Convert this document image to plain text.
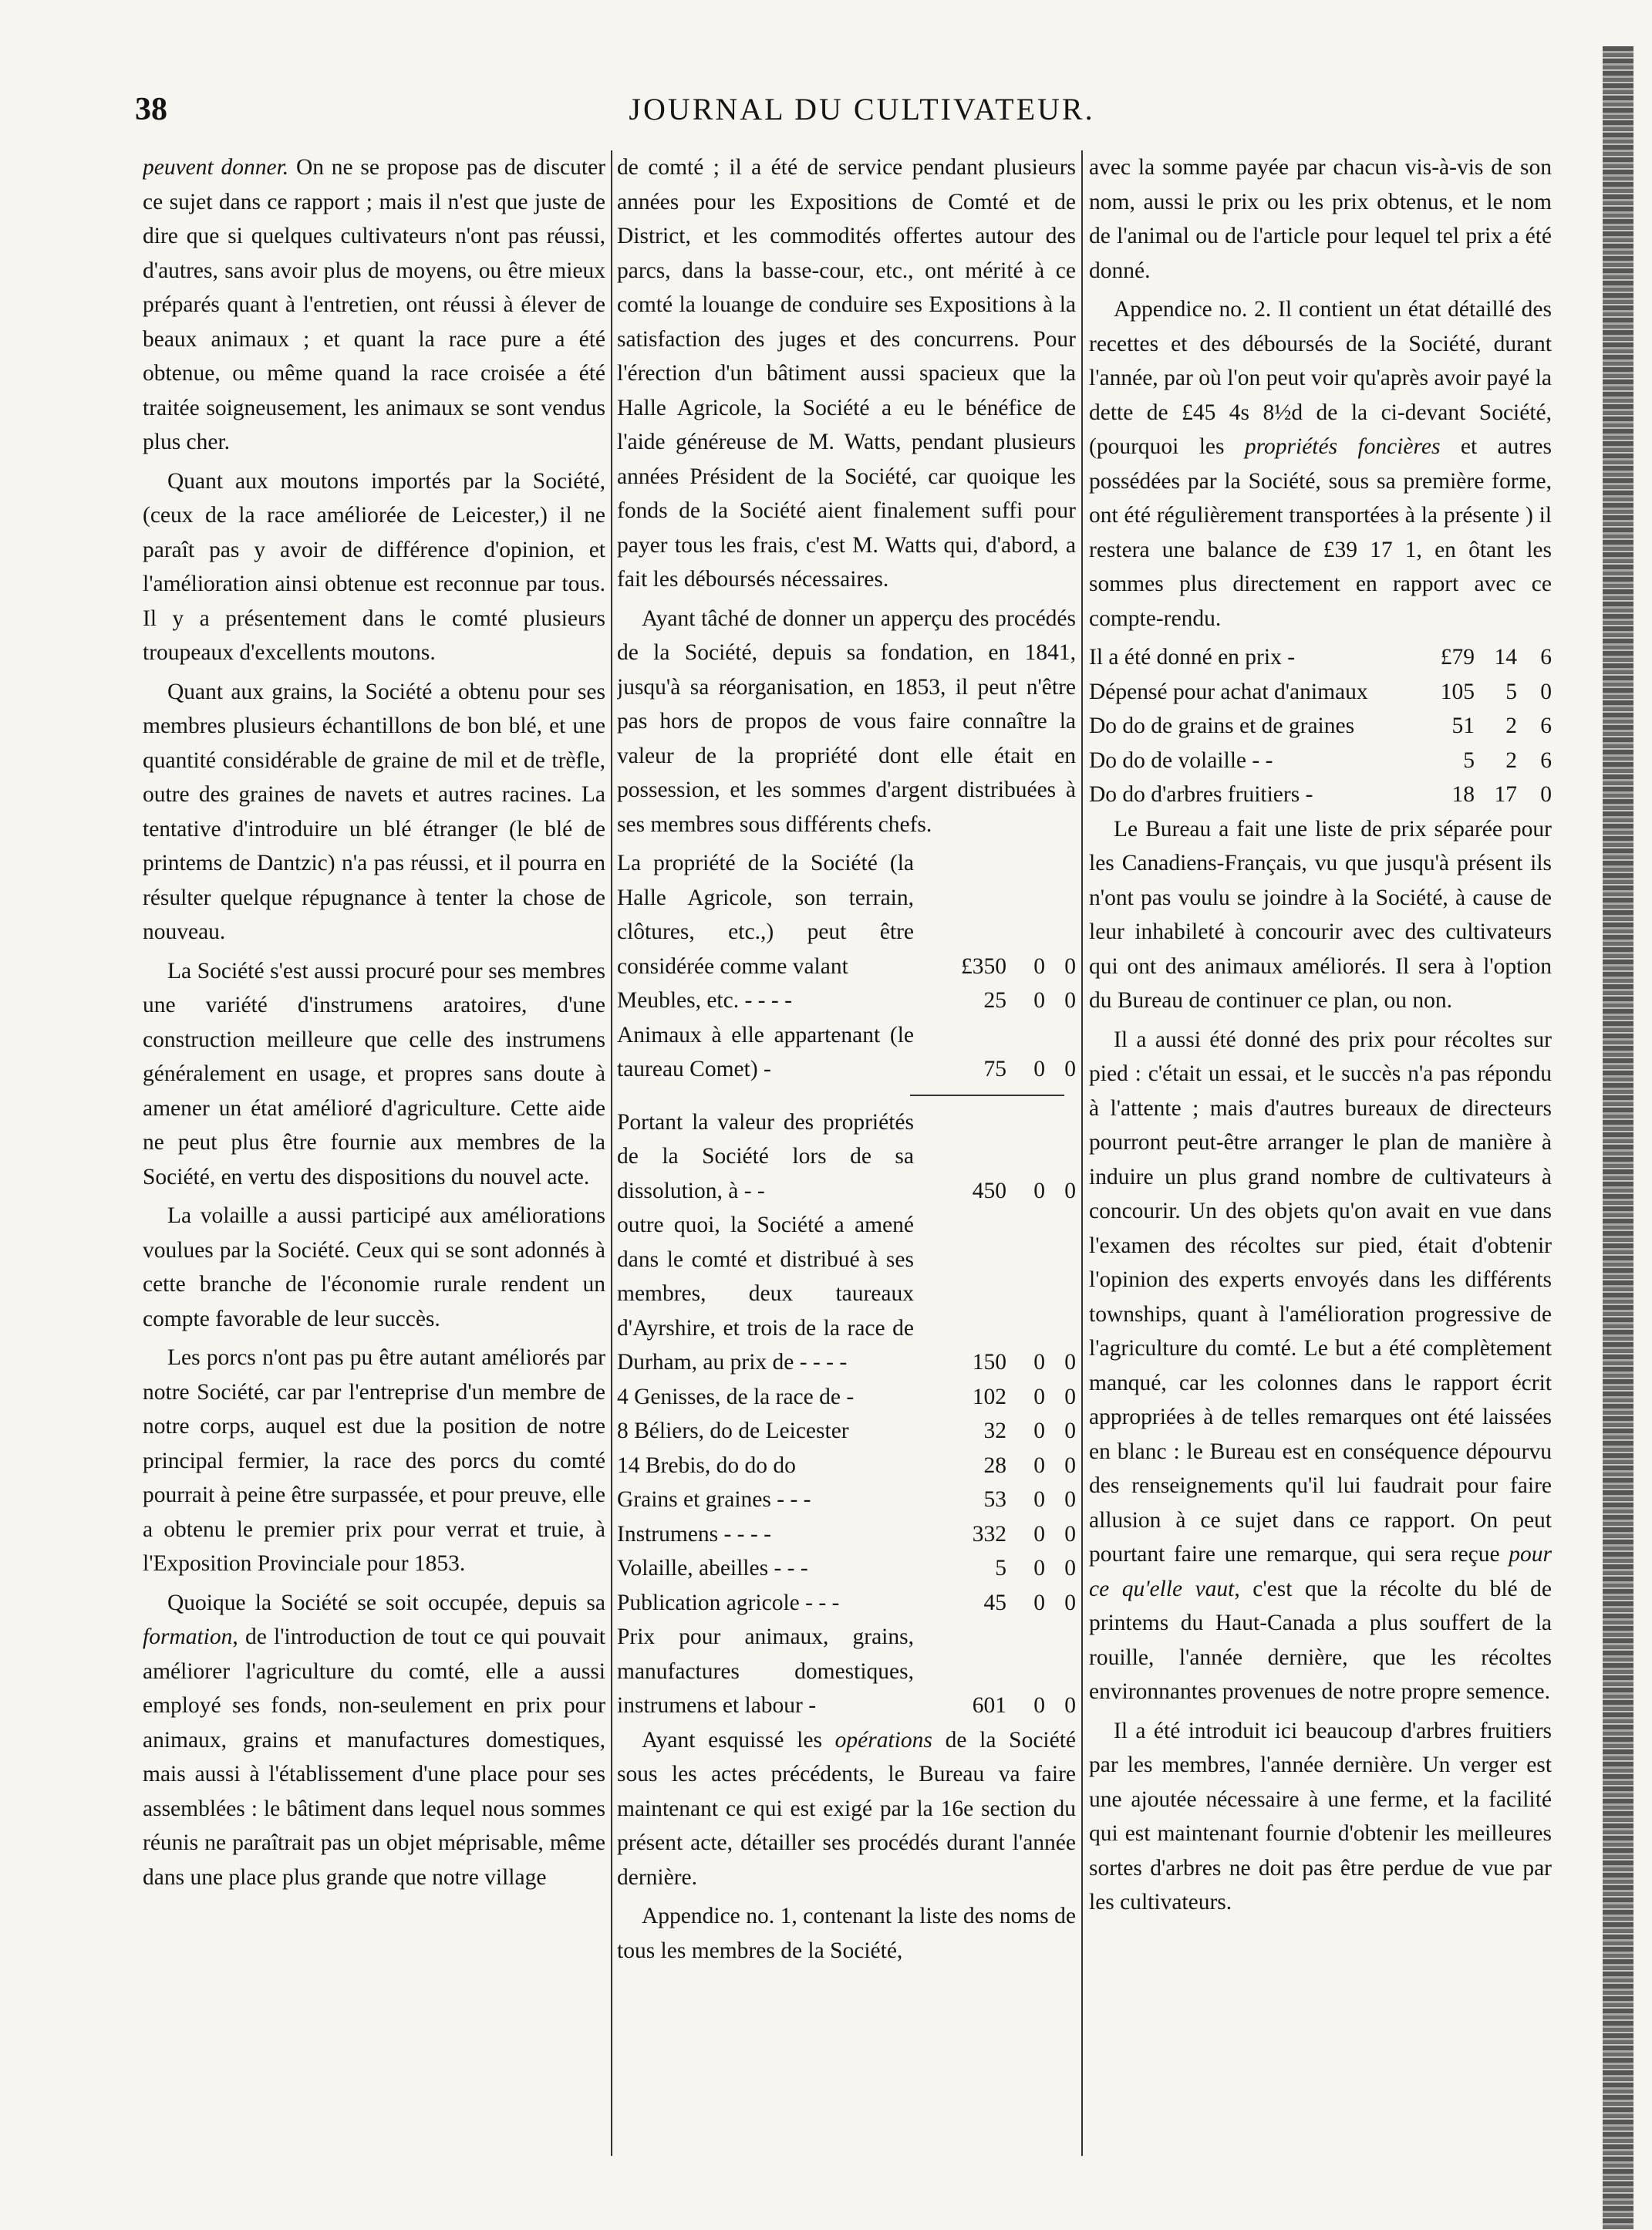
38	JOURNAL DU CULTIVATEUR.

peuvent donner. On ne se propose pas de discuter ce sujet dans ce rapport ; mais il n'est que juste de dire que si quelques cultivateurs n'ont pas réussi, d'autres, sans avoir plus de moyens, ou être mieux préparés quant à l'entretien, ont réussi à élever de beaux animaux ; et quant la race pure a été obtenue, ou même quand la race croisée a été traitée soigneusement, les animaux se sont vendus plus cher.

Quant aux moutons importés par la Société, (ceux de la race améliorée de Leicester,) il ne paraît pas y avoir de différence d'opinion, et l'amélioration ainsi obtenue est reconnue par tous. Il y a présentement dans le comté plusieurs troupeaux d'excellents moutons.

Quant aux grains, la Société a obtenu pour ses membres plusieurs échantillons de bon blé, et une quantité considérable de graine de mil et de trèfle, outre des graines de navets et autres racines. La tentative d'introduire un blé étranger (le blé de printems de Dantzic) n'a pas réussi, et il pourra en résulter quelque répugnance à tenter la chose de nouveau.

La Société s'est aussi procuré pour ses membres une variété d'instrumens aratoires, d'une construction meilleure que celle des instrumens généralement en usage, et propres sans doute à amener un état amélioré d'agriculture. Cette aide ne peut plus être fournie aux membres de la Société, en vertu des dispositions du nouvel acte.

La volaille a aussi participé aux améliorations voulues par la Société. Ceux qui se sont adonnés à cette branche de l'économie rurale rendent un compte favorable de leur succès.

Les porcs n'ont pas pu être autant améliorés par notre Société, car par l'entreprise d'un membre de notre corps, auquel est due la position de notre principal fermier, la race des porcs du comté pourrait à peine être surpassée, et pour preuve, elle a obtenu le premier prix pour verrat et truie, à l'Exposition Provinciale pour 1853.

Quoique la Société se soit occupée, depuis sa formation, de l'introduction de tout ce qui pouvait améliorer l'agriculture du comté, elle a aussi employé ses fonds, non-seulement en prix pour animaux, grains et manufactures domestiques, mais aussi à l'établissement d'une place pour ses assemblées : le bâtiment dans lequel nous sommes réunis ne paraîtrait pas un objet méprisable, même dans une place plus grande que notre village

de comté ; il a été de service pendant plusieurs années pour les Expositions de Comté et de District, et les commodités offertes autour des parcs, dans la basse-cour, etc., ont mérité à ce comté la louange de conduire ses Expositions à la satisfaction des juges et des concurrens. Pour l'érection d'un bâtiment aussi spacieux que la Halle Agricole, la Société a eu le bénéfice de l'aide généreuse de M. Watts, pendant plusieurs années Président de la Société, car quoique les fonds de la Société aient finalement suffi pour payer tous les frais, c'est M. Watts qui, d'abord, a fait les déboursés nécessaires.

Ayant tâché de donner un apperçu des procédés de la Société, depuis sa fondation, en 1841, jusqu'à sa réorganisation, en 1853, il peut n'être pas hors de propos de vous faire connaître la valeur de la propriété dont elle était en possession, et les sommes d'argent distribuées à ses membres sous différents chefs.

La propriété de la Société (la Halle Agricole, son terrain, clôtures, etc.,) peut être considérée comme valant	£350	0 0
Meubles, etc. - - - -	25	0 0
Animaux à elle appartenant (le taureau Comet) -	75	0 0
Portant la valeur des propriétés de la Société lors de sa dissolution, à - -	450	0 0
outre quoi, la Société a amené dans le comté et distribué à ses membres, deux taureaux d'Ayrshire, et trois de la race de Durham, au prix de - - - -	150	0 0
4 Genisses, de la race de -	102	0 0
8 Béliers, do de Leicester	32	0 0
14 Brebis, do do do	28	0 0
Grains et graines - - -	53	0 0
Instrumens - - - -	332	0 0
Volaille, abeilles - - -	5	0 0
Publication agricole - - -	45	0 0
Prix pour animaux, grains, manufactures domestiques, instrumens et labour -	601	0 0

Ayant esquissé les opérations de la Société sous les actes précédents, le Bureau va faire maintenant ce qui est exigé par la 16e section du présent acte, détailler ses procédés durant l'année dernière.

Appendice no. 1, contenant la liste des noms de tous les membres de la Société,

avec la somme payée par chacun vis-à-vis de son nom, aussi le prix ou les prix obtenus, et le nom de l'animal ou de l'article pour lequel tel prix a été donné.

Appendice no. 2. Il contient un état détaillé des recettes et des déboursés de la Société, durant l'année, par où l'on peut voir qu'après avoir payé la dette de £45 4s 8½d de la ci-devant Société, (pourquoi les propriétés foncières et autres possédées par la Société, sous sa première forme, ont été régulièrement transportées à la présente ) il restera une balance de £39 17 1, en ôtant les sommes plus directement en rapport avec ce compte-rendu.

Il a été donné en prix -	£79 14	6
Dépensé pour achat d'animaux	105	5	0
Do do de grains et de graines	51	2	6
Do do de volaille - -	5	2	6
Do do d'arbres fruitiers -	18 17	0

Le Bureau a fait une liste de prix séparée pour les Canadiens-Français, vu que jusqu'à présent ils n'ont pas voulu se joindre à la Société, à cause de leur inhabileté à concourir avec des cultivateurs qui ont des animaux améliorés. Il sera à l'option du Bureau de continuer ce plan, ou non.

Il a aussi été donné des prix pour récoltes sur pied : c'était un essai, et le succès n'a pas répondu à l'attente ; mais d'autres bureaux de directeurs pourront peut-être arranger le plan de manière à induire un plus grand nombre de cultivateurs à concourir. Un des objets qu'on avait en vue dans l'examen des récoltes sur pied, était d'obtenir l'opinion des experts envoyés dans les différents townships, quant à l'amélioration progressive de l'agriculture du comté. Le but a été complètement manqué, car les colonnes dans le rapport écrit appropriées à de telles remarques ont été laissées en blanc : le Bureau est en conséquence dépourvu des renseignements qu'il lui faudrait pour faire allusion à ce sujet dans ce rapport. On peut pourtant faire une remarque, qui sera reçue pour ce qu'elle vaut, c'est que la récolte du blé de printems du Haut-Canada a plus souffert de la rouille, l'année dernière, que les récoltes environnantes provenues de notre propre semence.

Il a été introduit ici beaucoup d'arbres fruitiers par les membres, l'année dernière. Un verger est une ajoutée nécessaire à une ferme, et la facilité qui est maintenant fournie d'obtenir les meilleures sortes d'arbres ne doit pas être perdue de vue par les cultivateurs.
